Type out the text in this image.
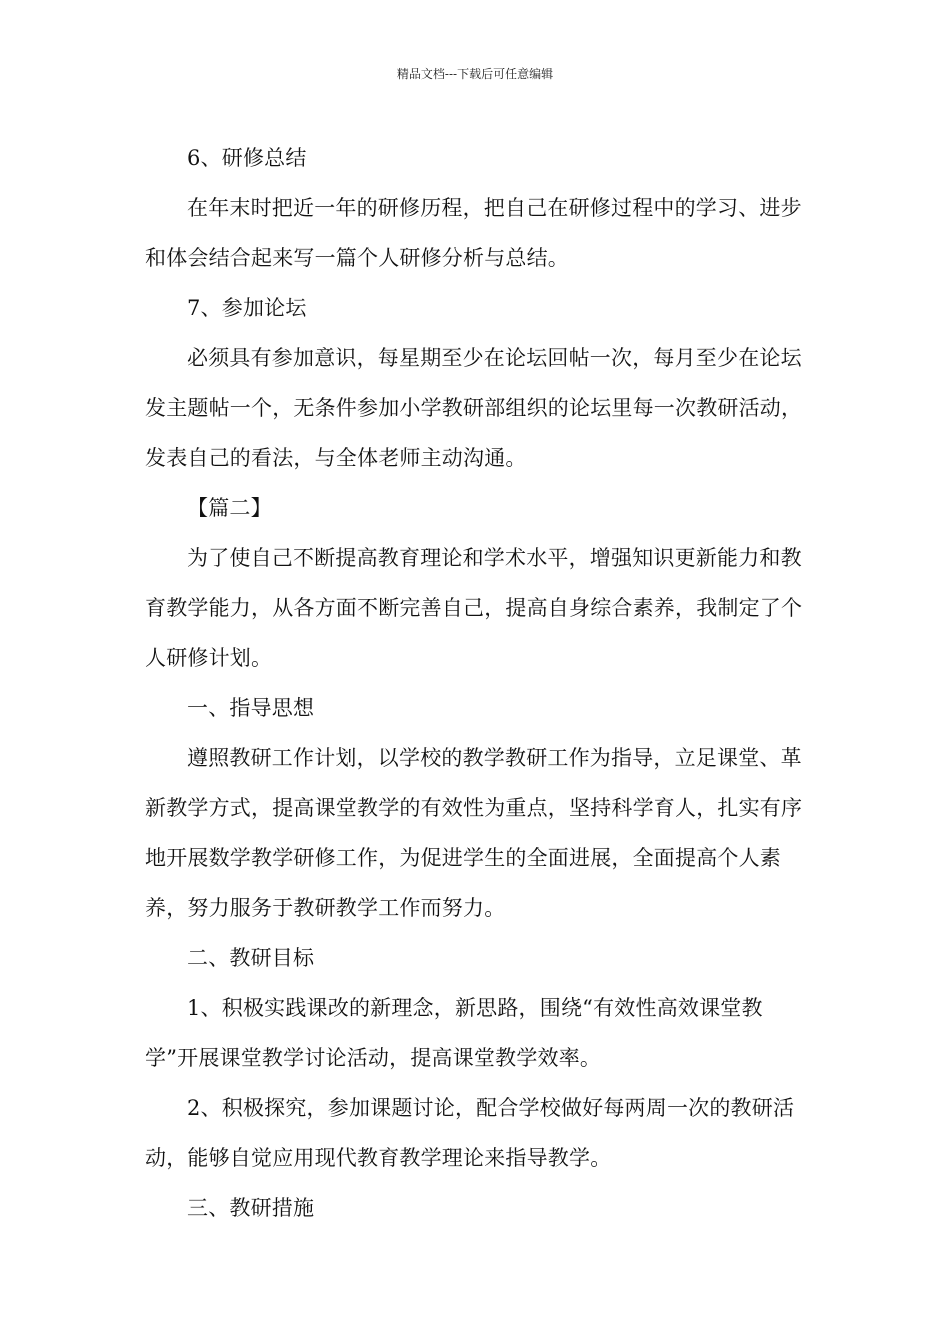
精品文档---下载后可任意编辑

6、研修总结

在年末时把近一年的研修历程，把自己在研修过程中的学习、进步和体会结合起来写一篇个人研修分析与总结。

7、参加论坛

必须具有参加意识，每星期至少在论坛回帖一次，每月至少在论坛发主题帖一个，无条件参加小学教研部组织的论坛里每一次教研活动，发表自己的看法，与全体老师主动沟通。

【篇二】

为了使自己不断提高教育理论和学术水平，增强知识更新能力和教育教学能力，从各方面不断完善自己，提高自身综合素养，我制定了个人研修计划。

一、指导思想

遵照教研工作计划，以学校的教学教研工作为指导，立足课堂、革新教学方式，提高课堂教学的有效性为重点，坚持科学育人，扎实有序地开展数学教学研修工作，为促进学生的全面进展，全面提高个人素养，努力服务于教研教学工作而努力。

二、教研目标

1、积极实践课改的新理念，新思路，围绕“有效性高效课堂教学”开展课堂教学讨论活动，提高课堂教学效率。

2、积极探究，参加课题讨论，配合学校做好每两周一次的教研活动，能够自觉应用现代教育教学理论来指导教学。

三、教研措施
